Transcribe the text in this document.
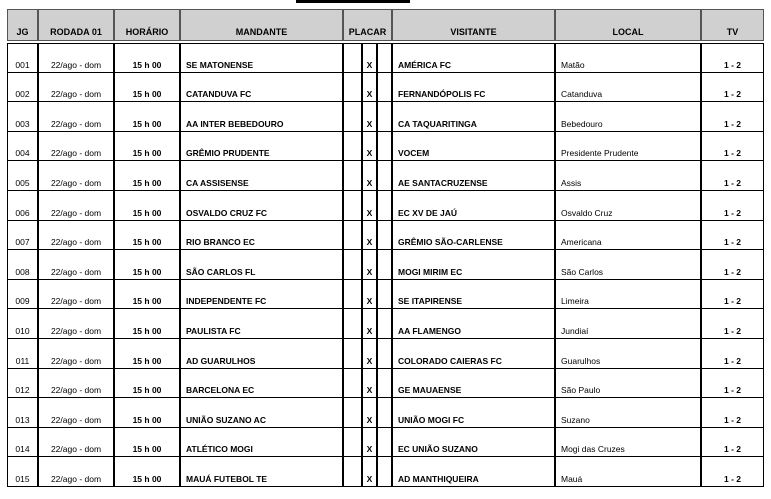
JG	RODADA 01	HORÁRIO	MANDANTE	PLACAR	VISITANTE	LOCAL	TV
001	22/ago - dom	15 h 00	SE MATONENSE	X	AMÉRICA FC	Matão	1 - 2
002	22/ago - dom	15 h 00	CATANDUVA FC	X	FERNANDÓPOLIS FC	Catanduva	1 - 2
003	22/ago - dom	15 h 00	AA INTER BEBEDOURO	X	CA TAQUARITINGA	Bebedouro	1 - 2
004	22/ago - dom	15 h 00	GRÊMIO PRUDENTE	X	VOCEM	Presidente Prudente	1 - 2
005	22/ago - dom	15 h 00	CA ASSISENSE	X	AE SANTACRUZENSE	Assis	1 - 2
006	22/ago - dom	15 h 00	OSVALDO CRUZ FC	X	EC XV DE JAÚ	Osvaldo Cruz	1 - 2
007	22/ago - dom	15 h 00	RIO BRANCO EC	X	GRÊMIO SÃO-CARLENSE	Americana	1 - 2
008	22/ago - dom	15 h 00	SÃO CARLOS FL	X	MOGI MIRIM EC	São Carlos	1 - 2
009	22/ago - dom	15 h 00	INDEPENDENTE FC	X	SE ITAPIRENSE	Limeira	1 - 2
010	22/ago - dom	15 h 00	PAULISTA FC	X	AA FLAMENGO	Jundiaí	1 - 2
011	22/ago - dom	15 h 00	AD GUARULHOS	X	COLORADO CAIERAS FC	Guarulhos	1 - 2
012	22/ago - dom	15 h 00	BARCELONA EC	X	GE MAUAENSE	São Paulo	1 - 2
013	22/ago - dom	15 h 00	UNIÃO SUZANO AC	X	UNIÃO MOGI FC	Suzano	1 - 2
014	22/ago - dom	15 h 00	ATLÉTICO MOGI	X	EC UNIÃO SUZANO	Mogi das Cruzes	1 - 2
015	22/ago - dom	15 h 00	MAUÁ FUTEBOL TE	X	AD MANTHIQUEIRA	Mauá	1 - 2
